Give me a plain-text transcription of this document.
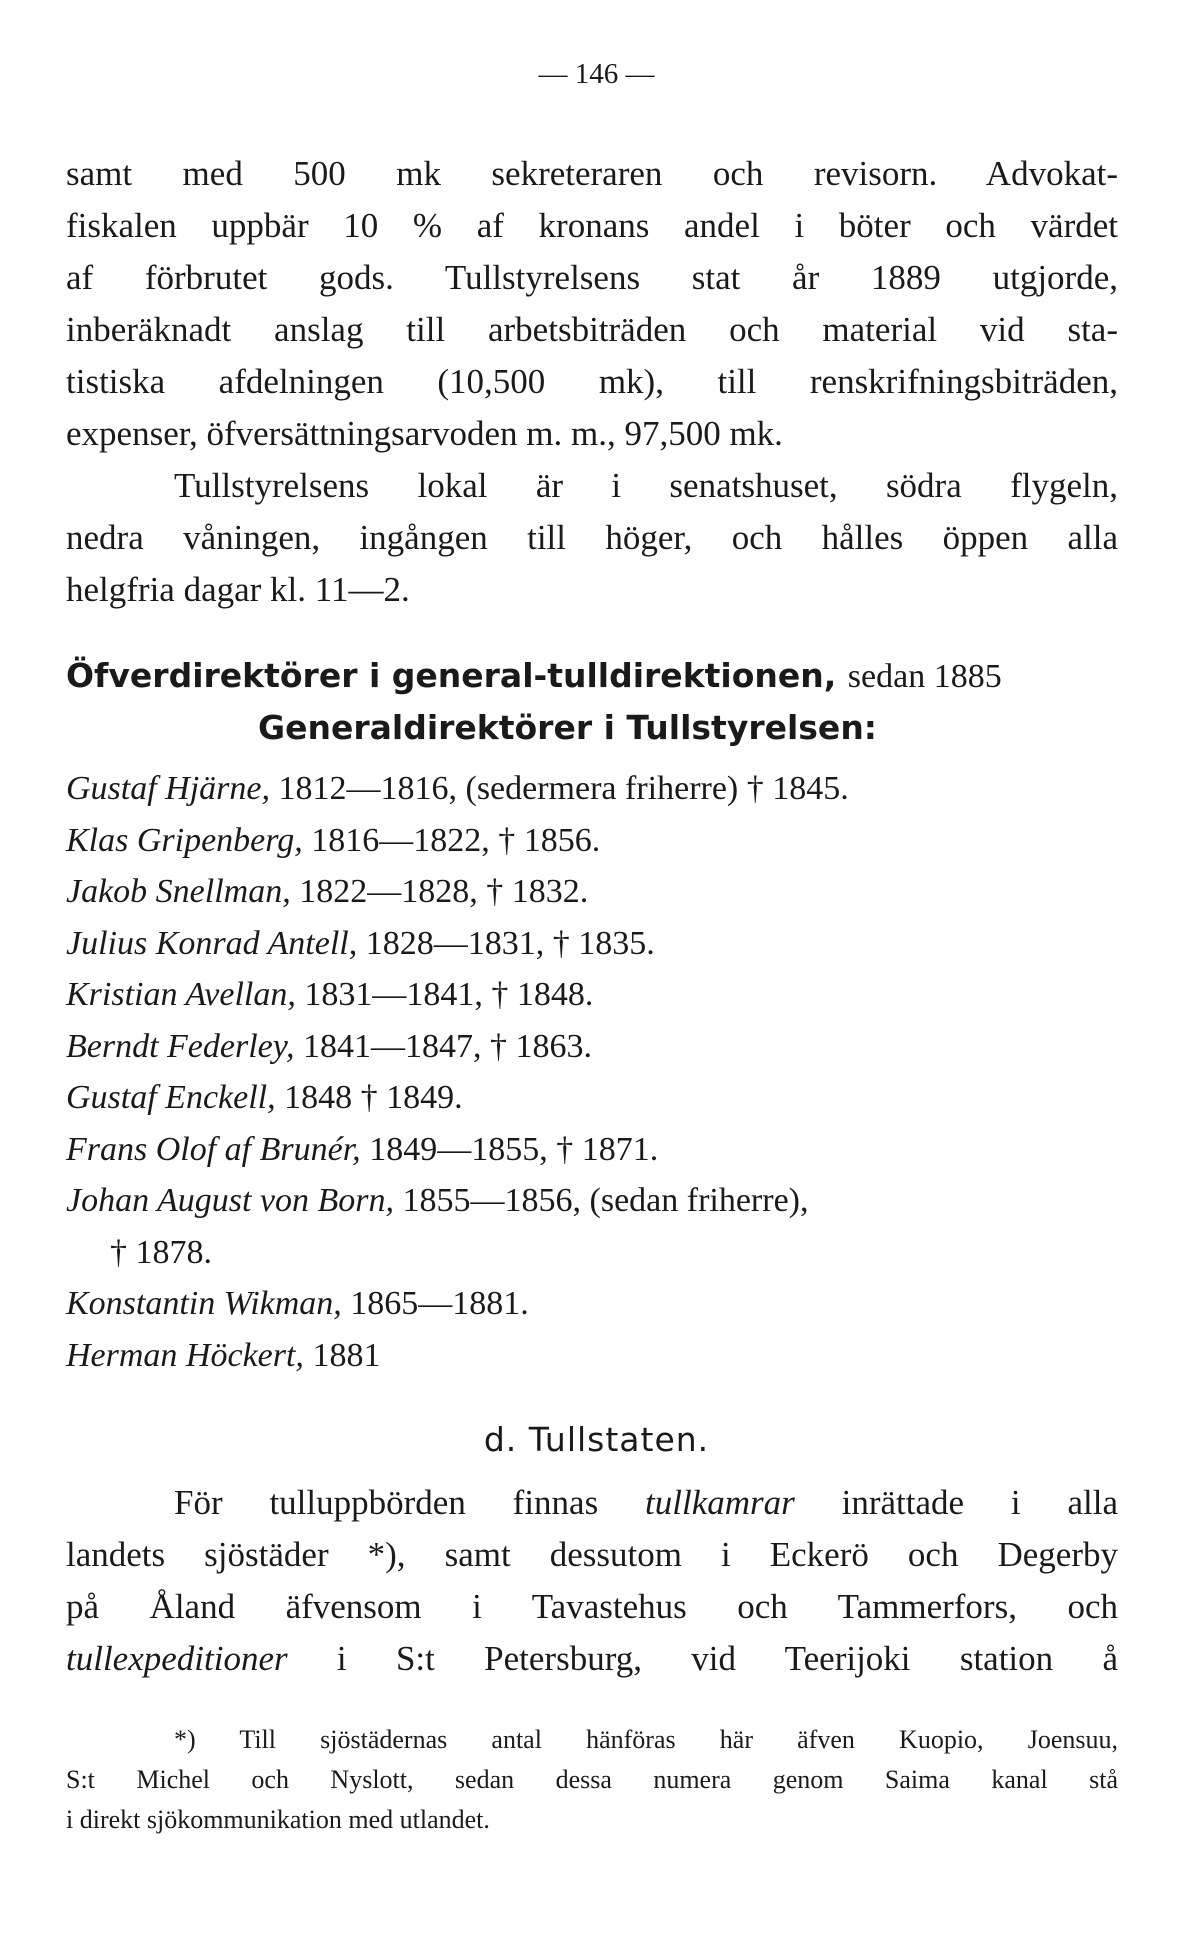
— 146 —
samt med 500 mk sekreteraren och revisorn. Advokat-
fiskalen uppbär 10 % af kronans andel i böter och värdet
af förbrutet gods. Tullstyrelsens stat år 1889 utgjorde,
inberäknadt anslag till arbetsbiträden och material vid sta-
tistiska afdelningen (10,500 mk), till renskrifningsbiträden,
expenser, öfversättningsarvoden m. m., 97,500 mk.
Tullstyrelsens lokal är i senatshuset, södra flygeln,
nedra våningen, ingången till höger, och hålles öppen alla
helgfria dagar kl. 11—2.
Öfverdirektörer i general-tulldirektionen, sedan 1885
Generaldirektörer i Tullstyrelsen:
Gustaf Hjärne, 1812—1816, (sedermera friherre) † 1845.
Klas Gripenberg, 1816—1822, † 1856.
Jakob Snellman, 1822—1828, † 1832.
Julius Konrad Antell, 1828—1831, † 1835.
Kristian Avellan, 1831—1841, † 1848.
Berndt Federley, 1841—1847, † 1863.
Gustaf Enckell, 1848 † 1849.
Frans Olof af Brunér, 1849—1855, † 1871.
Johan August von Born, 1855—1856, (sedan friherre),
† 1878.
Konstantin Wikman, 1865—1881.
Herman Höckert, 1881
d. Tullstaten.
För tulluppbörden finnas tullkamrar inrättade i alla
landets sjöstäder *), samt dessutom i Eckerö och Degerby
på Åland äfvensom i Tavastehus och Tammerfors, och
tullexpeditioner i S:t Petersburg, vid Teerijoki station å
*) Till sjöstädernas antal hänföras här äfven Kuopio, Joensuu,
S:t Michel och Nyslott, sedan dessa numera genom Saima kanal stå
i direkt sjökommunikation med utlandet.
